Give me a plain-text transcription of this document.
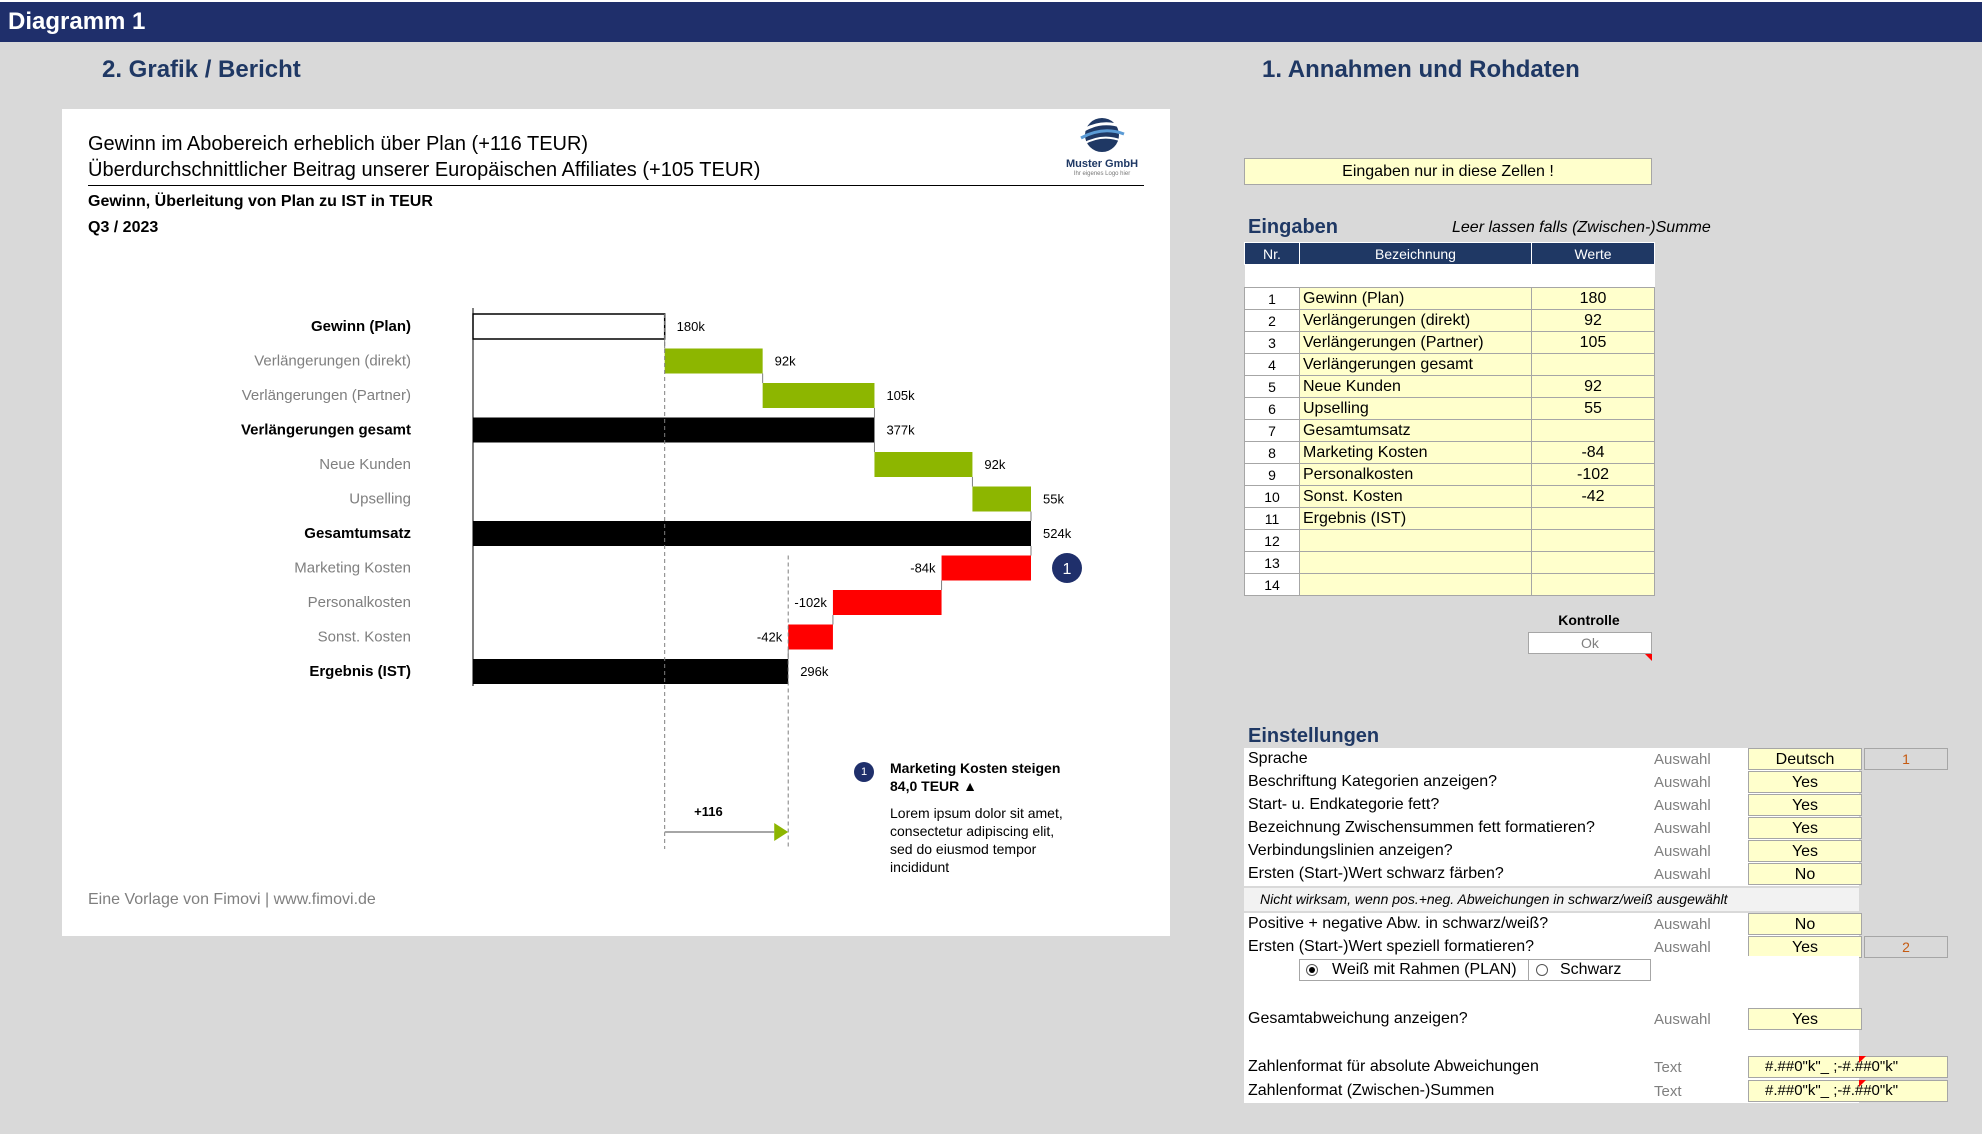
Diagramm 1
2. Grafik / Bericht	1. Annahmen und Rohdaten
Gewinn im Abobereich erheblich über Plan (+116 TEUR)
Überdurchschnittlicher Beitrag unserer Europäischen Affiliates (+105 TEUR)
Gewinn, Überleitung von Plan zu IST in TEUR
Q3 / 2023
Muster GmbH
Ihr eigenes Logo hier
Gewinn (Plan)	180k
Verlängerungen (direkt)	92k
Verlängerungen (Partner)	105k
Verlängerungen gesamt	377k
Neue Kunden	92k
Upselling	55k
Gesamtumsatz	524k
Marketing Kosten	-84k
Personalkosten	-102k
Sonst. Kosten	-42k
Ergebnis (IST)	296k
+116
1
1	Marketing Kosten steigen
84,0 TEUR ▲
Lorem ipsum dolor sit amet,
consectetur adipiscing elit,
sed do eiusmod tempor
incididunt
Eine Vorlage von Fimovi | www.fimovi.de
Eingaben nur in diese Zellen !
Eingaben	Leer lassen falls (Zwischen-)Summe
Nr.	Bezeichnung	Werte

1	Gewinn (Plan)	180
2	Verlängerungen (direkt)	92
3	Verlängerungen (Partner)	105
4	Verlängerungen gesamt	
5	Neue Kunden	92
6	Upselling	55
7	Gesamtumsatz	
8	Marketing Kosten	-84
9	Personalkosten	-102
10	Sonst. Kosten	-42
11	Ergebnis (IST)	
12		
13		
14		
Kontrolle
Ok
Einstellungen
Sprache	Auswahl	Deutsch	1
Beschriftung Kategorien anzeigen?	Auswahl	Yes
Start- u. Endkategorie fett?	Auswahl	Yes
Bezeichnung Zwischensummen fett formatieren?	Auswahl	Yes
Verbindungslinien anzeigen?	Auswahl	Yes
Ersten (Start-)Wert schwarz färben?	Auswahl	No
Nicht wirksam, wenn pos.+neg. Abweichungen in schwarz/weiß ausgewählt
Positive + negative Abw. in schwarz/weiß?	Auswahl	No
Ersten (Start-)Wert speziell formatieren?	Auswahl	Yes	2
Weiß mit Rahmen (PLAN)	Schwarz
Gesamtabweichung anzeigen?	Auswahl	Yes
Zahlenformat für absolute Abweichungen	Text	#.##0"k"_ ;-#.##0"k"
Zahlenformat (Zwischen-)Summen	Text	#.##0"k"_ ;-#.##0"k"
